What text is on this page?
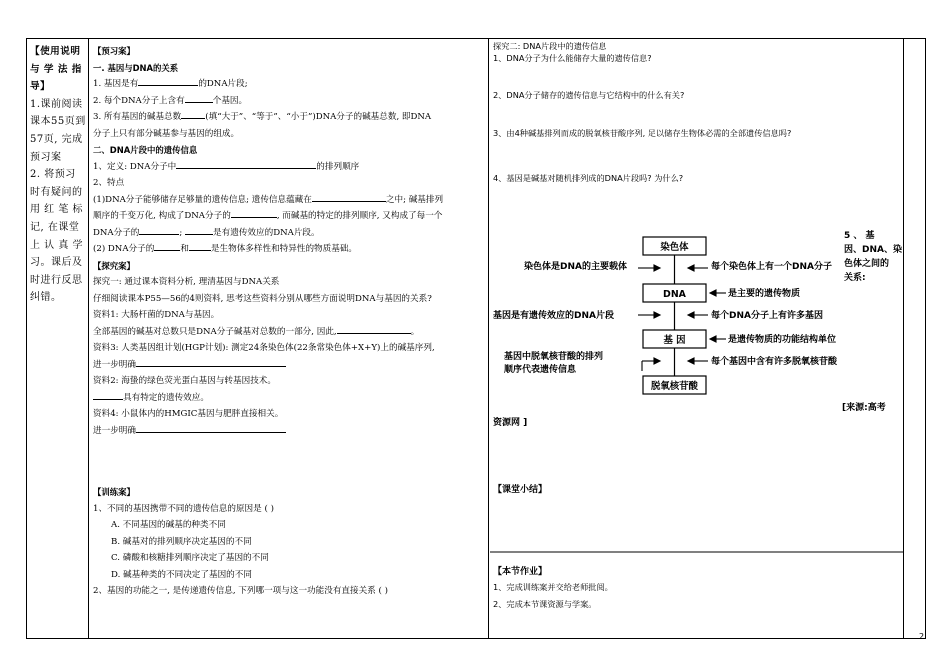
【使用说明
与 学 法 指
导】
1.课前阅读
课本55页到
57页, 完成
预习案
2. 将预习
时有疑问的
用 红 笔 标
记, 在课堂
上 认 真 学
习。课后及
时进行反思
纠错。
【预习案】
一. 基因与DNA的关系
1. 基因是有	的DNA片段;
2. 每个DNA分子上含有	个基因。
3. 所有基因的碱基总数	(填“大于”、“等于”、“小于”)DNA分子的碱基总数, 即DNA
分子上只有部分碱基参与基因的组成。
二、DNA片段中的遗传信息
1、定义: DNA分子中	的排列顺序
2、特点
(1)DNA分子能够储存足够量的遗传信息; 遗传信息蕴藏在	之中; 碱基排列
顺序的千变万化, 构成了DNA分子的	, 而碱基的特定的排列顺序, 又构成了每一个
DNA分子的	;	是有遗传效应的DNA片段。
(2) DNA分子的	和	是生物体多样性和特异性的物质基础。
【探究案】
探究一: 通过课本资料分析, 理清基因与DNA关系
仔细阅读课本P55—56的4则资料, 思考这些资料分别从哪些方面说明DNA与基因的关系?
资料1: 大肠杆菌的DNA与基因。
全部基因的碱基对总数只是DNA分子碱基对总数的一部分, 因此,	。
资料3: 人类基因组计划(HGP计划): 测定24条染色体(22条常染色体+X+Y)上的碱基序列,
进一步明确
资料2: 海蛰的绿色荧光蛋白基因与转基因技术。
具有特定的遗传效应。
资料4: 小鼠体内的HMGIC基因与肥胖直接相关。
进一步明确
【训练案】
1、不同的基因携带不同的遗传信息的原因是 ( )
A. 不同基因的碱基的种类不同
B. 碱基对的排列顺序决定基因的不同
C. 磷酸和核糖排列顺序决定了基因的不同
D. 碱基种类的不同决定了基因的不同
2、基因的功能之一, 是传递遗传信息, 下列哪一项与这一功能没有直接关系 ( )
探究二: DNA片段中的遗传信息
1、DNA分子为什么能储存大量的遗传信息?
2、DNA分子储存的遗传信息与它结构中的什么有关?
3、由4种碱基排列而成的脱氧核苷酸序列, 足以储存生物体必需的全部遗传信息吗?
4、基因是碱基对随机排列成的DNA片段吗? 为什么?
染色体
DNA
基 因
脱氧核苷酸
染色体是DNA的主要载体	每个染色体上有一个DNA分子
是主要的遗传物质
基因是有遗传效应的DNA片段	每个DNA分子上有许多基因
是遗传物质的功能结构单位
基因中脱氧核苷酸的排列
顺序代表遗传信息
每个基因中含有许多脱氧核苷酸
5 、 基
因、DNA、染
色体之间的
关系:
[来源:高考
资源网 ]
【课堂小结】
【本节作业】
1、完成训练案并交给老师批阅。
2、完成本节课资源与学案。
2
